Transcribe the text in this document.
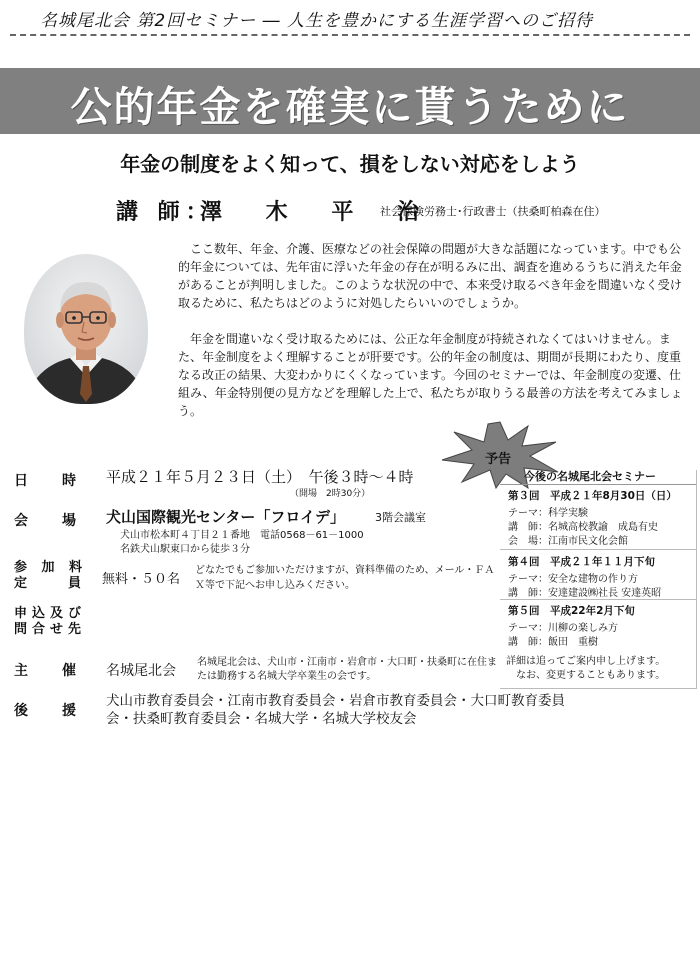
名城尾北会 第2回セミナー ― 人生を豊かにする生涯学習へのご招待
公的年金を確実に貰うために
年金の制度をよく知って、損をしない対応をしよう
講 師：
澤 木 平 治
社会保険労務士･行政書士（扶桑町柏森在住）
ここ数年、年金、介護、医療などの社会保障の問題が大きな話題になっています。中でも公的年金については、先年宙に浮いた年金の存在が明るみに出、調査を進めるうちに消えた年金があることが判明しました。このような状況の中で、本来受け取るべき年金を間違いなく受け取るために、私たちはどのように対処したらいいのでしょうか。
年金を間違いなく受け取るためには、公正な年金制度が持続されなくてはいけません。また、年金制度をよく理解することが肝要です。公的年金の制度は、期間が長期にわたり、度重なる改正の結果、大変わかりにくくなっています。今回のセミナーでは、年金制度の変遷、仕組み、年金特別便の見方などを理解した上で、私たちが取りうる最善の方法を考えてみましょう。
日　　時
会　　場
参 加 料
定　　員
申込及び
問合せ先
主　　催
後　　援
平成２１年５月２３日（土）　午後３時～４時
（開場　2時30分）
犬山国際観光センター「フロイデ」	3階会議室
犬山市松本町４丁目２１番地　電話0568－61－1000
名鉄犬山駅東口から徒歩３分
無料・５０名
どなたでもご参加いただけますが、資料準備のため、メール・ＦＡＸ等で下記へお申し込みください。
名城尾北会
名城尾北会は、犬山市・江南市・岩倉市・大口町・扶桑町に在住または勤務する名城大学卒業生の会です。
犬山市教育委員会・江南市教育委員会・岩倉市教育委員会・大口町教育委員会・扶桑町教育委員会・名城大学・名城大学校友会
予告
今後の名城尾北会セミナー
第３回　平成２１年8月30日（日）
テーマ：科学実験
講　師：名城高校教諭　成島有史
会　場：江南市民文化会館
第４回　平成２１年１１月下旬
テーマ：安全な建物の作り方
講　師：安達建設㈱社長 安達英昭
第５回　平成22年2月下旬
テーマ：川柳の楽しみ方
講　師：飯田　重樹
詳細は追ってご案内申し上げます。
なお、変更することもあります。
